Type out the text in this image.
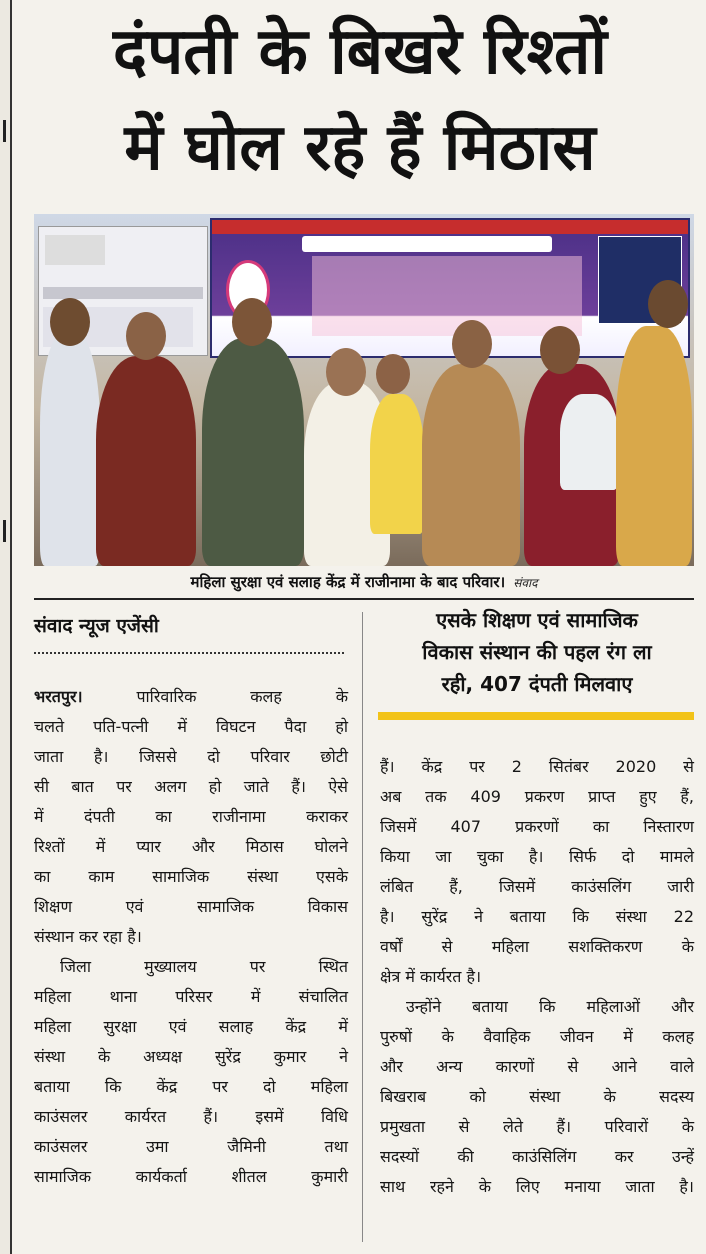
दंपती के बिखरे रिश्तों
में घोल रहे हैं मिठास
महिला सुरक्षा एवं सलाह केंद्र में राजीनामा के बाद परिवार। संवाद
संवाद न्यूज एजेंसी	एसके शिक्षण एवं सामाजिक
विकास संस्थान की पहल रंग ला
रही, 407 दंपती मिलवाए
भरतपुर।	पारिवारिक कलह के
चलते पति-पत्नी में विघटन पैदा हो
जाता है। जिससे दो परिवार छोटी
सी बात पर अलग हो जाते हैं। ऐसे
में दंपती का राजीनामा कराकर
रिश्तों में प्यार और मिठास घोलने
का काम सामाजिक संस्था एसके
शिक्षण एवं सामाजिक विकास
संस्थान कर रहा है।
जिला मुख्यालय पर स्थित
महिला थाना परिसर में संचालित
महिला सुरक्षा एवं सलाह केंद्र में
संस्था के अध्यक्ष सुरेंद्र कुमार ने
बताया कि केंद्र पर दो महिला
काउंसलर कार्यरत हैं। इसमें विधि
काउंसलर उमा जैमिनी तथा
सामाजिक कार्यकर्ता शीतल कुमारी
हैं। केंद्र पर 2 सितंबर 2020 से
अब तक 409 प्रकरण प्राप्त हुए हैं,
जिसमें 407 प्रकरणों का निस्तारण
किया जा चुका है। सिर्फ दो मामले
लंबित हैं, जिसमें काउंसलिंग जारी
है। सुरेंद्र ने बताया कि संस्था 22
वर्षों से महिला सशक्तिकरण के
क्षेत्र में कार्यरत है।
उन्होंने बताया कि महिलाओं और
पुरुषों के वैवाहिक जीवन में कलह
और अन्य कारणों से आने वाले
बिखराब को संस्था के सदस्य
प्रमुखता से लेते हैं। परिवारों के
सदस्यों की काउंसिलिंग कर उन्हें
साथ रहने के लिए मनाया जाता है।
